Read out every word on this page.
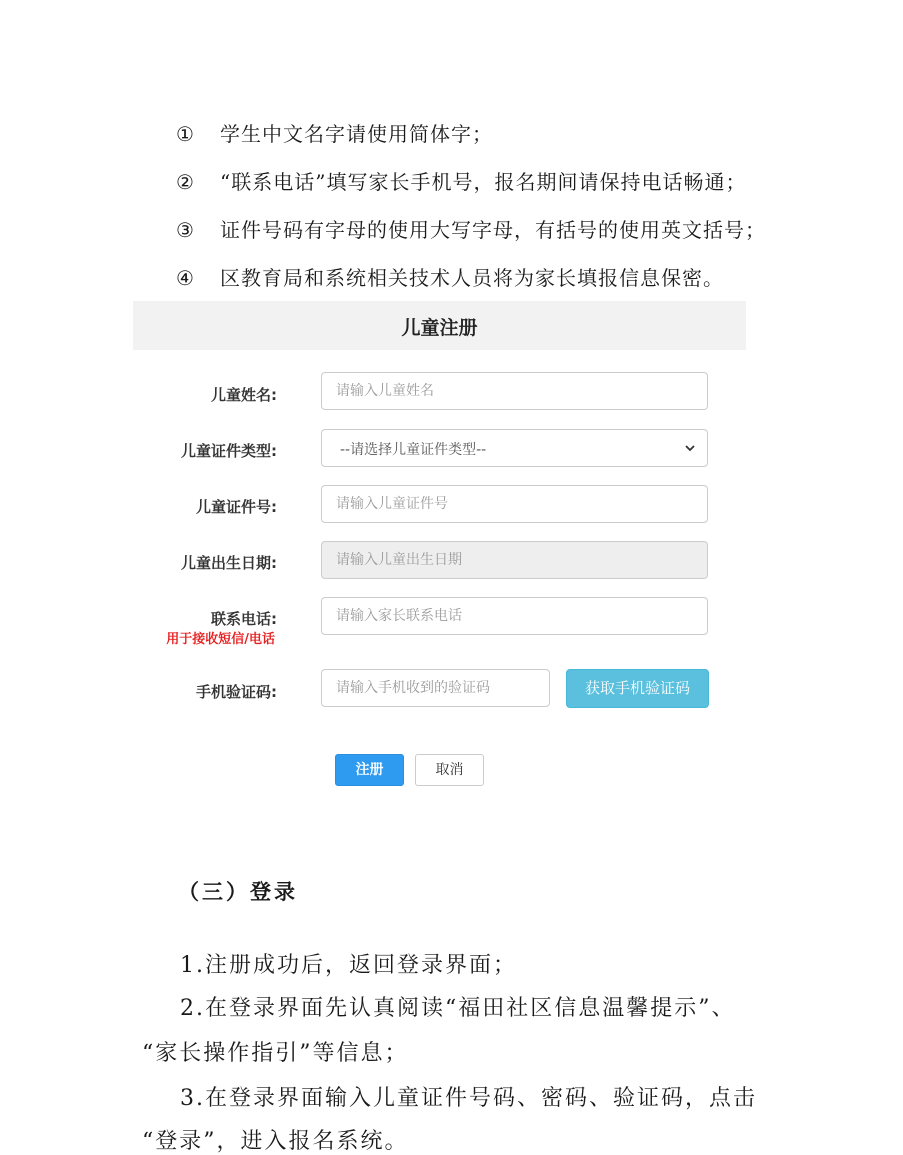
① 学生中文名字请使用简体字；
② “联系电话”填写家长手机号，报名期间请保持电话畅通；
③ 证件号码有字母的使用大写字母，有括号的使用英文括号；
④ 区教育局和系统相关技术人员将为家长填报信息保密。
儿童注册
儿童姓名:
请输入儿童姓名
儿童证件类型:	--请选择儿童证件类型--
儿童证件号:
请输入儿童证件号
儿童出生日期:
请输入儿童出生日期
联系电话:
用于接收短信/电话
请输入家长联系电话
手机验证码:
请输入手机收到的验证码	获取手机验证码
注册	取消
（三）登录
1.注册成功后，返回登录界面；
2.在登录界面先认真阅读“福田社区信息温馨提示”、
“家长操作指引”等信息；
3.在登录界面输入儿童证件号码、密码、验证码，点击
“登录”，进入报名系统。
